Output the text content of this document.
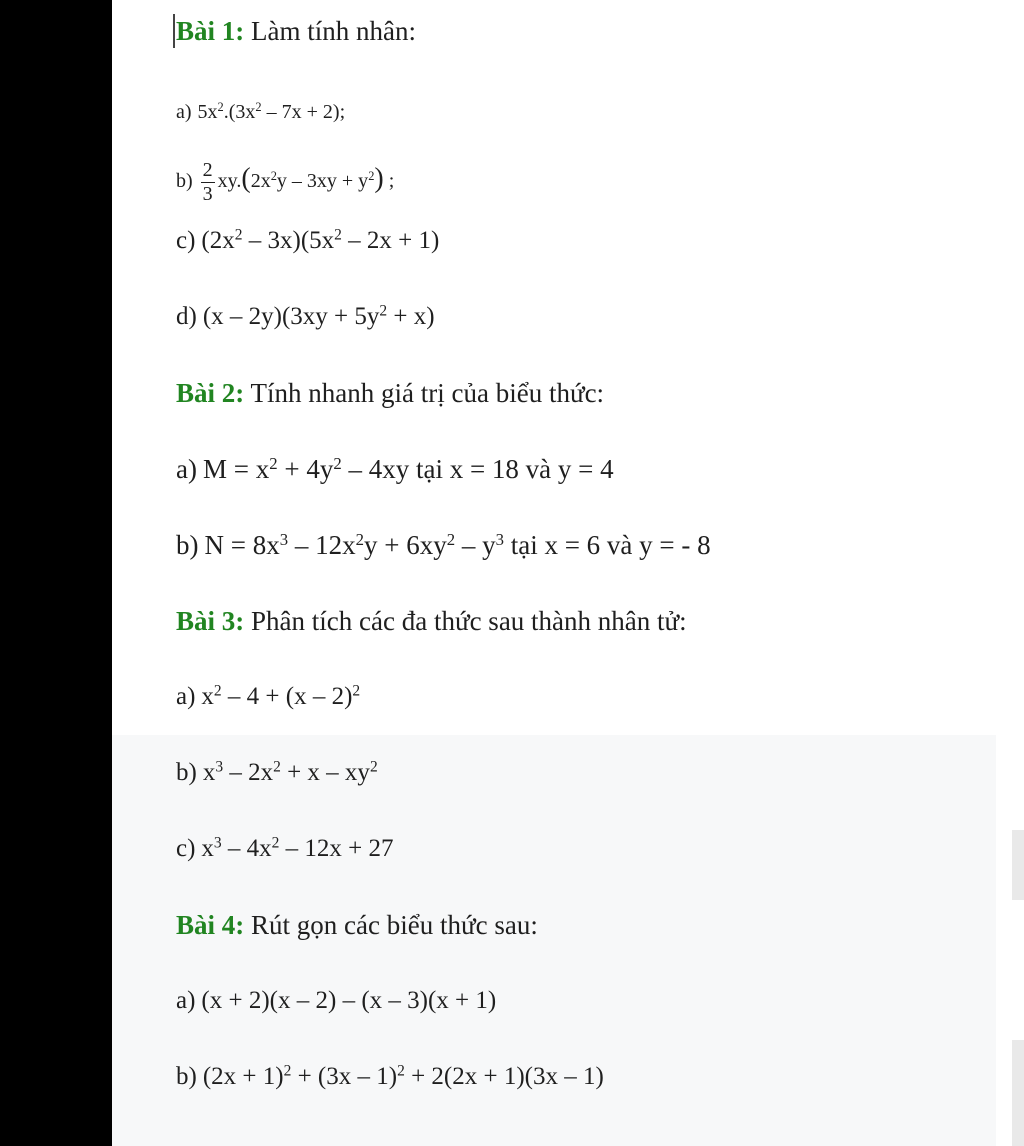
Bài 1: Làm tính nhân:
a) $5x^2.(3x^2 - 7x + 2)$;
$b) \frac{2}{3} xy.(2x^2y - 3xy + y^2)$ ;
c) $(2x^2 - 3x)(5x^2 - 2x + 1)$
d) $(x - 2y)(3xy + 5y^2 + x)$
Bài 2: Tính nhanh giá trị của biểu thức:
a) $M = x^2 + 4y^2 - 4xy$ tại x = 18 và y = 4
b) $N = 8x^3 - 12x^2y + 6xy^2 - y^3$ tại x = 6 và y = - 8
Bài 3: Phân tích các đa thức sau thành nhân tử:
a) $x^2 - 4 + (x - 2)^2$
b) $x^3 - 2x^2 + x - xy^2$
c) $x^3 - 4x^2 - 12x + 27$
Bài 4: Rút gọn các biểu thức sau:
a) (x + 2)(x – 2) – (x – 3)(x + 1)
b) $(2x + 1)^2 + (3x - 1)^2 + 2(2x + 1)(3x - 1)$
